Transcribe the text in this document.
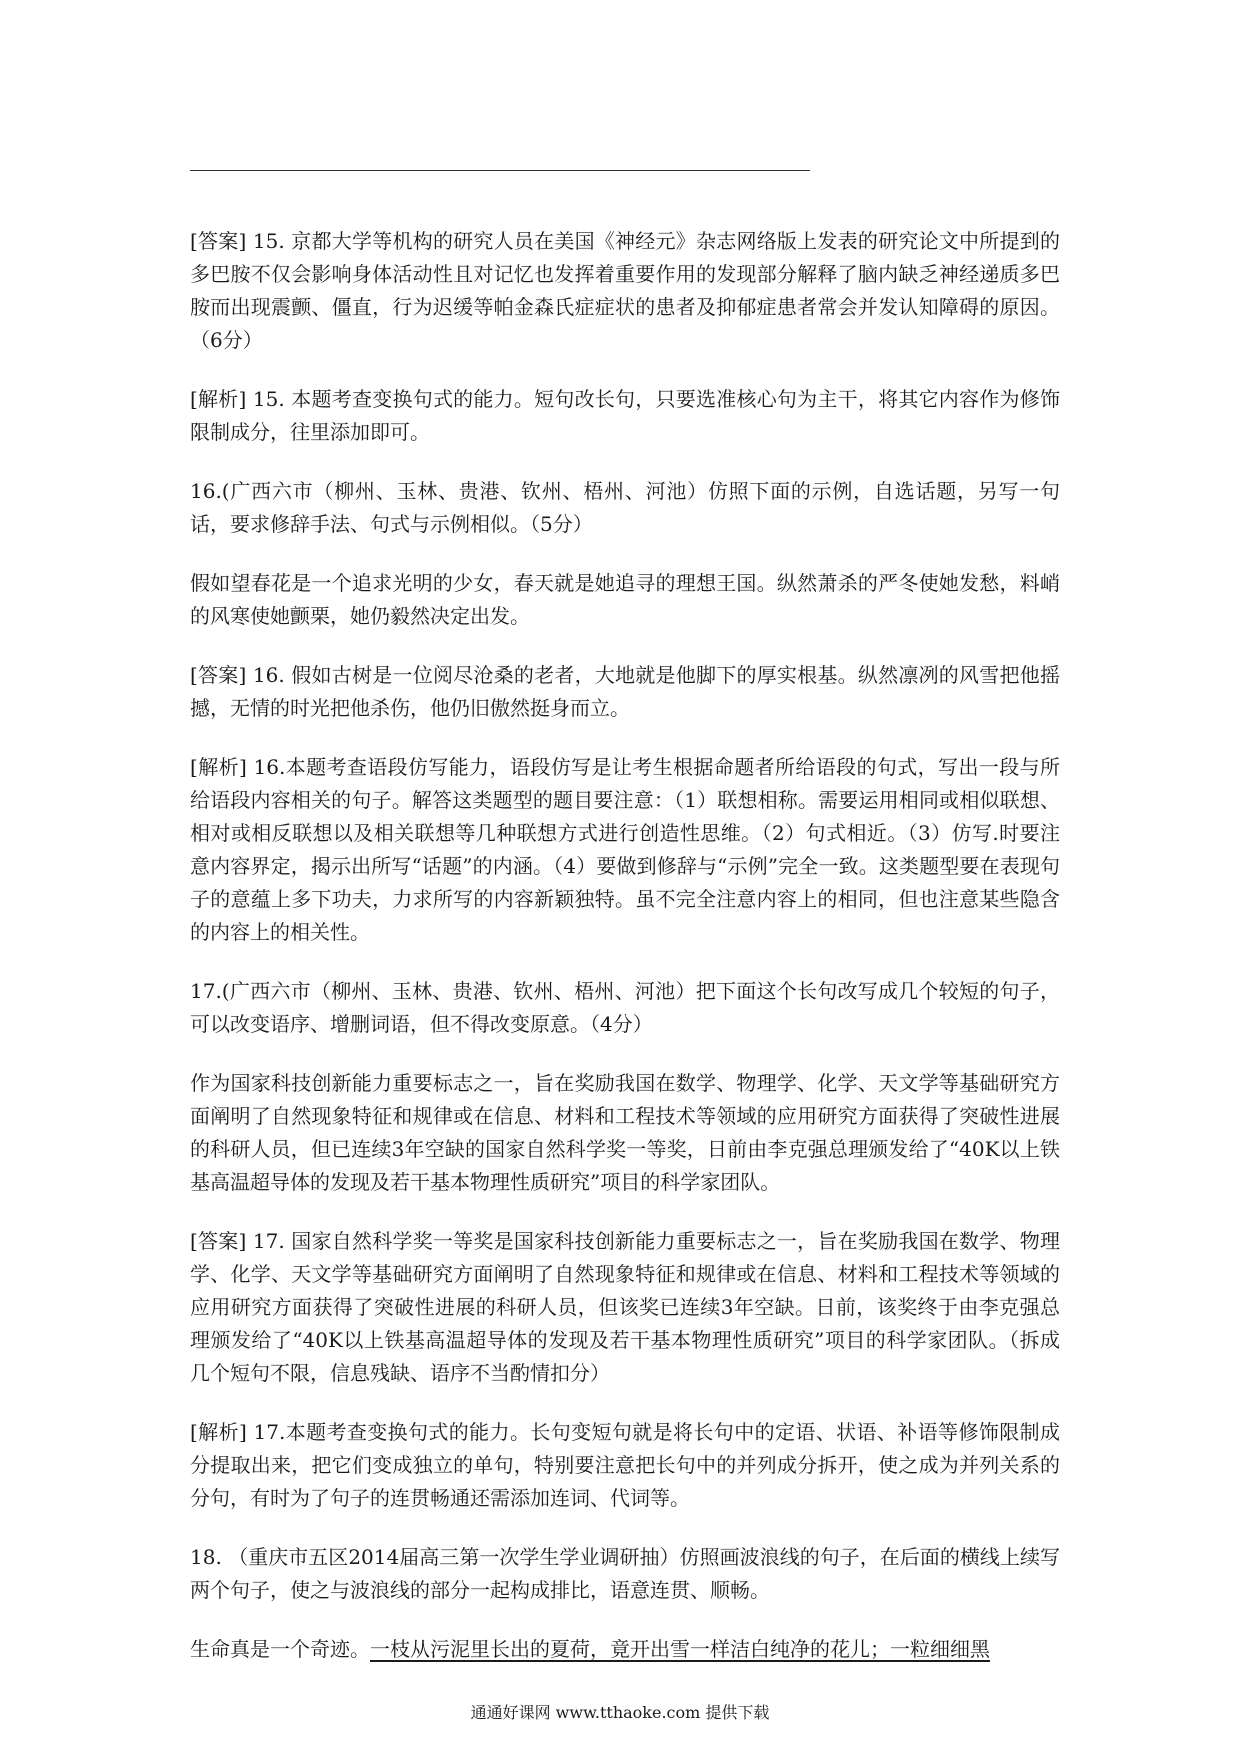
[答案] 15. 京都大学等机构的研究人员在美国《神经元》杂志网络版上发表的研究论文中所提到的多巴胺不仅会影响身体活动性且对记忆也发挥着重要作用的发现部分解释了脑内缺乏神经递质多巴胺而出现震颤、僵直，行为迟缓等帕金森氏症症状的患者及抑郁症患者常会并发认知障碍的原因。（6分）

[解析] 15. 本题考查变换句式的能力。短句改长句，只要选准核心句为主干，将其它内容作为修饰限制成分，往里添加即可。

16.(广西六市（柳州、玉林、贵港、钦州、梧州、河池）仿照下面的示例，自选话题，另写一句话，要求修辞手法、句式与示例相似。（5分）

假如望春花是一个追求光明的少女，春天就是她追寻的理想王国。纵然萧杀的严冬使她发愁，料峭的风寒使她颤栗，她仍毅然决定出发。

[答案] 16. 假如古树是一位阅尽沧桑的老者，大地就是他脚下的厚实根基。纵然凛冽的风雪把他摇撼，无情的时光把他杀伤，他仍旧傲然挺身而立。

[解析] 16.本题考查语段仿写能力，语段仿写是让考生根据命题者所给语段的句式，写出一段与所给语段内容相关的句子。解答这类题型的题目要注意：（1）联想相称。需要运用相同或相似联想、相对或相反联想以及相关联想等几种联想方式进行创造性思维。（2）句式相近。（3）仿写.时要注意内容界定，揭示出所写“话题”的内涵。（4）要做到修辞与“示例”完全一致。这类题型要在表现句子的意蕴上多下功夫，力求所写的内容新颖独特。虽不完全注意内容上的相同，但也注意某些隐含的内容上的相关性。

17.(广西六市（柳州、玉林、贵港、钦州、梧州、河池）把下面这个长句改写成几个较短的句子，可以改变语序、增删词语，但不得改变原意。（4分）

作为国家科技创新能力重要标志之一，旨在奖励我国在数学、物理学、化学、天文学等基础研究方面阐明了自然现象特征和规律或在信息、材料和工程技术等领域的应用研究方面获得了突破性进展的科研人员，但已连续3年空缺的国家自然科学奖一等奖，日前由李克强总理颁发给了“40K以上铁基高温超导体的发现及若干基本物理性质研究”项目的科学家团队。

[答案] 17. 国家自然科学奖一等奖是国家科技创新能力重要标志之一，旨在奖励我国在数学、物理学、化学、天文学等基础研究方面阐明了自然现象特征和规律或在信息、材料和工程技术等领域的应用研究方面获得了突破性进展的科研人员，但该奖已连续3年空缺。日前，该奖终于由李克强总理颁发给了“40K以上铁基高温超导体的发现及若干基本物理性质研究”项目的科学家团队。（拆成几个短句不限，信息残缺、语序不当酌情扣分）

[解析] 17.本题考查变换句式的能力。长句变短句就是将长句中的定语、状语、补语等修饰限制成分提取出来，把它们变成独立的单句，特别要注意把长句中的并列成分拆开，使之成为并列关系的分句，有时为了句子的连贯畅通还需添加连词、代词等。

18. （重庆市五区2014届高三第一次学生学业调研抽）仿照画波浪线的句子，在后面的横线上续写两个句子，使之与波浪线的部分一起构成排比，语意连贯、顺畅。

生命真是一个奇迹。一枝从污泥里长出的夏荷，竟开出雪一样洁白纯净的花儿；一粒细细黑

通通好课网 www.tthaoke.com 提供下载
